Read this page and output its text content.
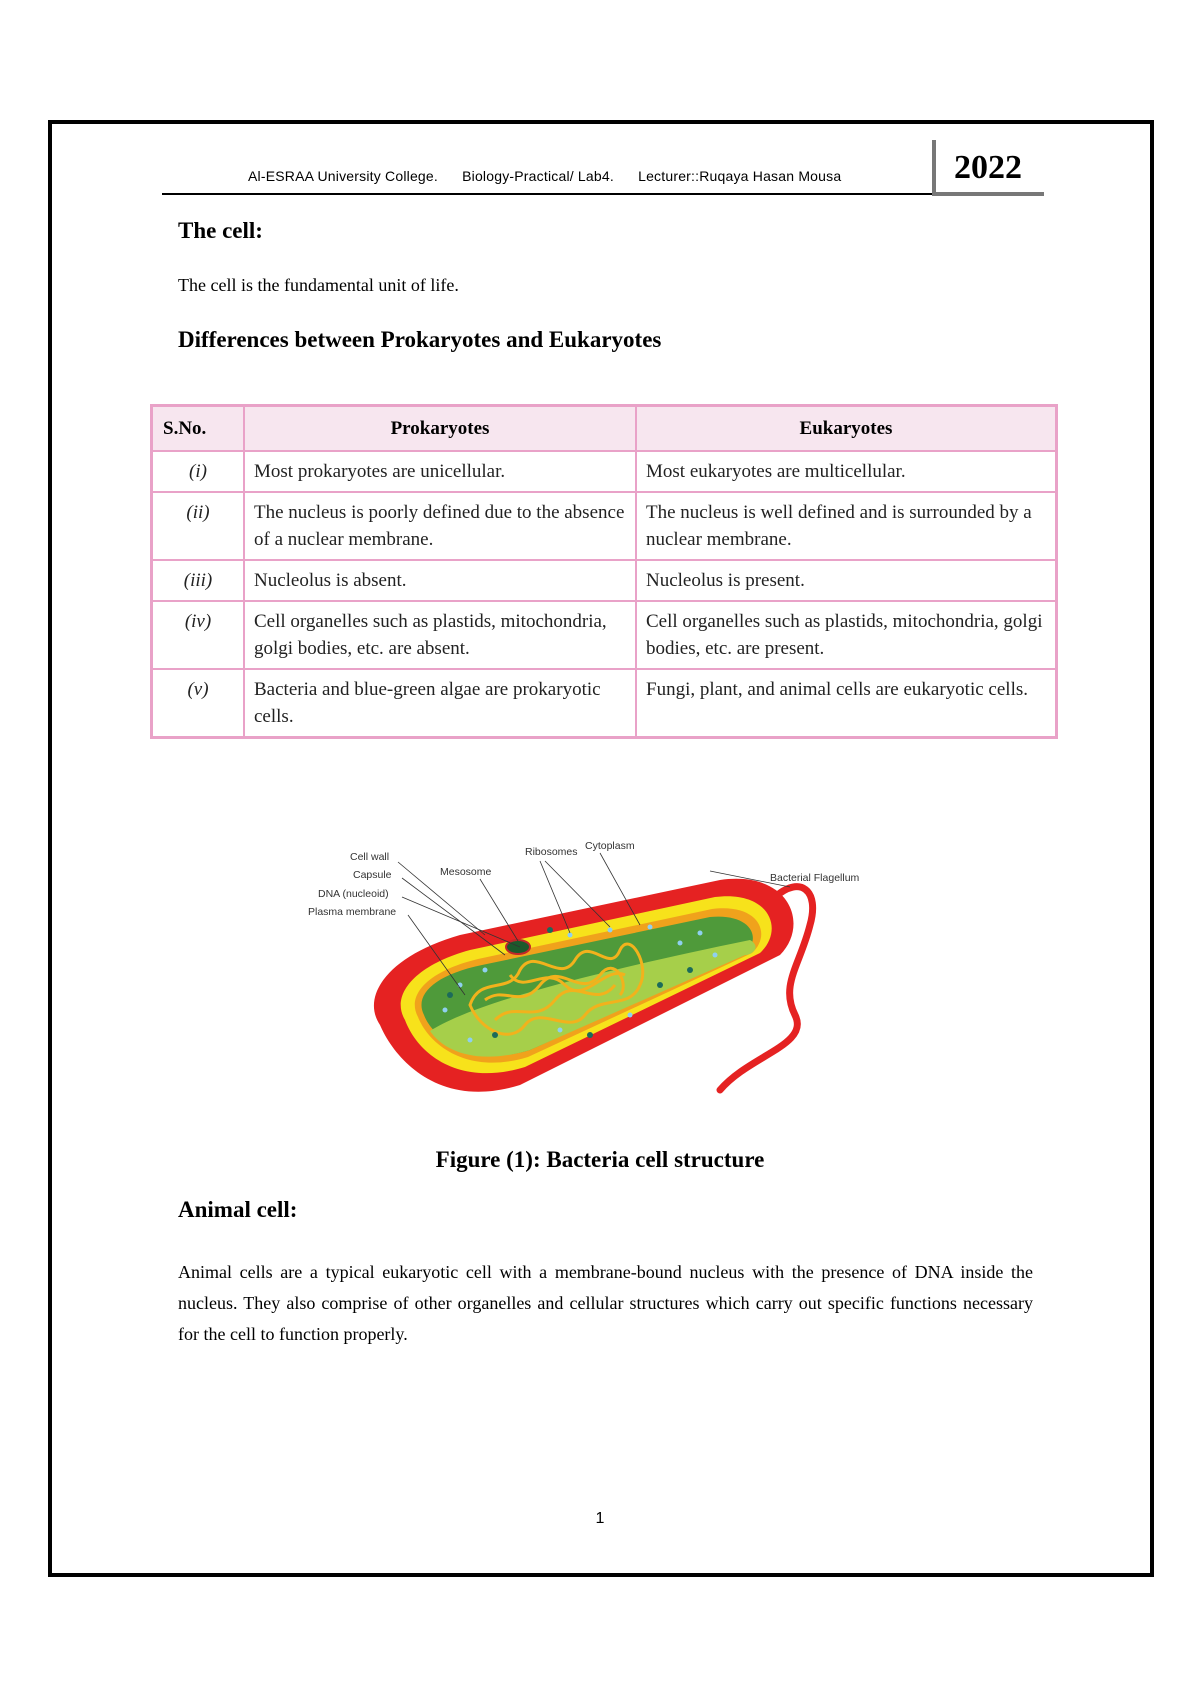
Al-ESRAA University College. Biology-Practical/ Lab4. Lecturer::Ruqaya Hasan Mousa	2022
The cell:

The cell is the fundamental unit of life.

Differences between Prokaryotes and Eukaryotes
S.No.	Prokaryotes	Eukaryotes
(i)	Most prokaryotes are unicellular.	Most eukaryotes are multicellular.
(ii)	The nucleus is poorly defined due to the absence of a nuclear membrane.	The nucleus is well defined and is surrounded by a nuclear membrane.
(iii)	Nucleolus is absent.	Nucleolus is present.
(iv)	Cell organelles such as plastids, mitochondria, golgi bodies, etc. are absent.	Cell organelles such as plastids, mitochondria, golgi bodies, etc. are present.
(v)	Bacteria and blue-green algae are prokaryotic cells.	Fungi, plant, and animal cells are eukaryotic cells.
Cell wall
Capsule
DNA (nucleoid)
Plasma membrane
Mesosome
Ribosomes Cytoplasm
Bacterial Flagellum
Figure (1): Bacteria cell structure
Animal cell:

Animal cells are a typical eukaryotic cell with a membrane-bound nucleus with the presence of DNA inside the nucleus. They also comprise of other organelles and cellular structures which carry out specific functions necessary for the cell to function properly.

1
